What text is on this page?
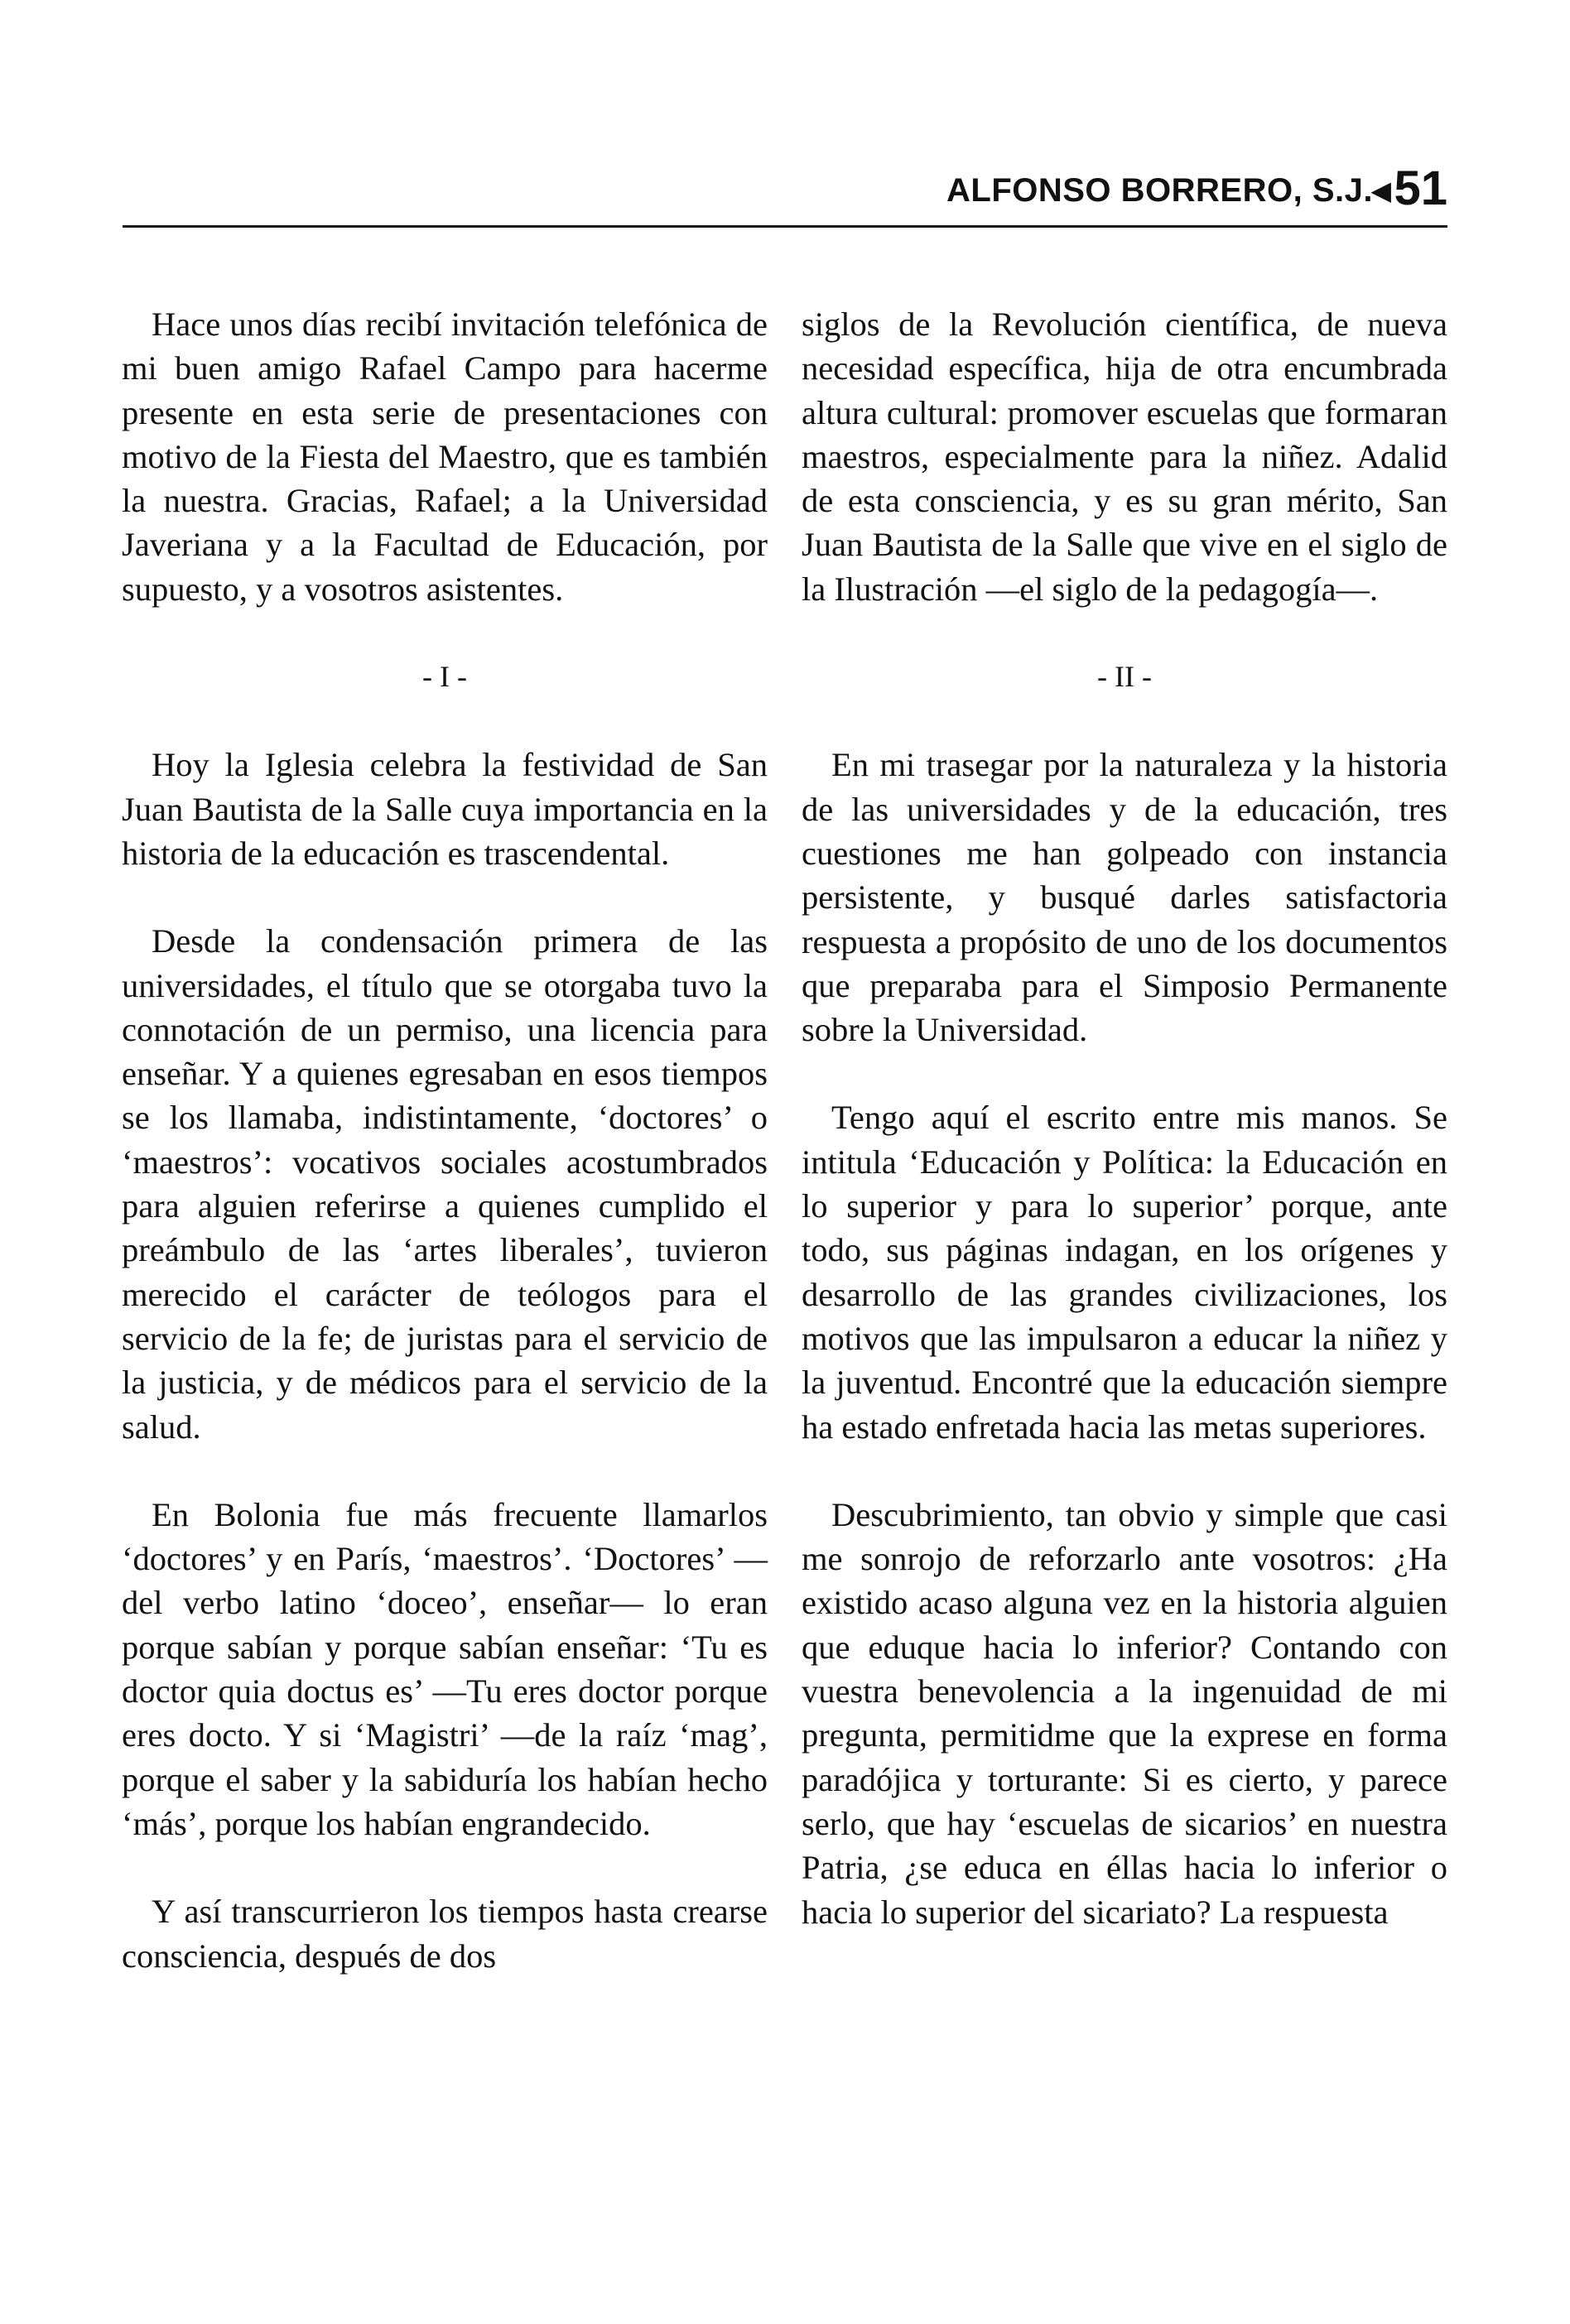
ALFONSO BORRERO, S.J.
◀ 51

Hace unos días recibí invitación telefónica de mi buen amigo Rafael Campo para hacerme presente en esta serie de presentaciones con motivo de la Fiesta del Maestro, que es también la nuestra. Gracias, Rafael; a la Universidad Javeriana y a la Facultad de Educación, por supuesto, y a vosotros asistentes.

- I -

Hoy la Iglesia celebra la festividad de San Juan Bautista de la Salle cuya importancia en la historia de la educación es trascendental.

Desde la condensación primera de las universidades, el título que se otorgaba tuvo la connotación de un permiso, una licencia para enseñar. Y a quienes egresaban en esos tiempos se los llamaba, indistintamente, ‘doctores’ o ‘maestros’: vocativos sociales acostumbrados para alguien referirse a quienes cumplido el preámbulo de las ‘artes liberales’, tuvieron merecido el carácter de teólogos para el servicio de la fe; de juristas para el servicio de la justicia, y de médicos para el servicio de la salud.

En Bolonia fue más frecuente llamarlos ‘doctores’ y en París, ‘maestros’. ‘Doctores’ —del verbo latino ‘doceo’, enseñar— lo eran porque sabían y porque sabían enseñar: ‘Tu es doctor quia doctus es’ —Tu eres doctor porque eres docto. Y si ‘Magistri’ —de la raíz ‘mag’, porque el saber y la sabiduría los habían hecho ‘más’, porque los habían engrandecido.

Y así transcurrieron los tiempos hasta crearse consciencia, después de dos

siglos de la Revolución científica, de nueva necesidad específica, hija de otra encumbrada altura cultural: promover escuelas que formaran maestros, especialmente para la niñez. Adalid de esta consciencia, y es su gran mérito, San Juan Bautista de la Salle que vive en el siglo de la Ilustración —el siglo de la pedagogía—.

- II -

En mi trasegar por la naturaleza y la historia de las universidades y de la educación, tres cuestiones me han golpeado con instancia persistente, y busqué darles satisfactoria respuesta a propósito de uno de los documentos que preparaba para el Simposio Permanente sobre la Universidad.

Tengo aquí el escrito entre mis manos. Se intitula ‘Educación y Política: la Educación en lo superior y para lo superior’ porque, ante todo, sus páginas indagan, en los orígenes y desarrollo de las grandes civilizaciones, los motivos que las impulsaron a educar la niñez y la juventud. Encontré que la educación siempre ha estado enfretada hacia las metas superiores.

Descubrimiento, tan obvio y simple que casi me sonrojo de reforzarlo ante vosotros: ¿Ha existido acaso alguna vez en la historia alguien que eduque hacia lo inferior? Contando con vuestra benevolencia a la ingenuidad de mi pregunta, permitidme que la exprese en forma paradójica y torturante: Si es cierto, y parece serlo, que hay ‘escuelas de sicarios’ en nuestra Patria, ¿se educa en éllas hacia lo inferior o hacia lo superior del sicariato? La respuesta
